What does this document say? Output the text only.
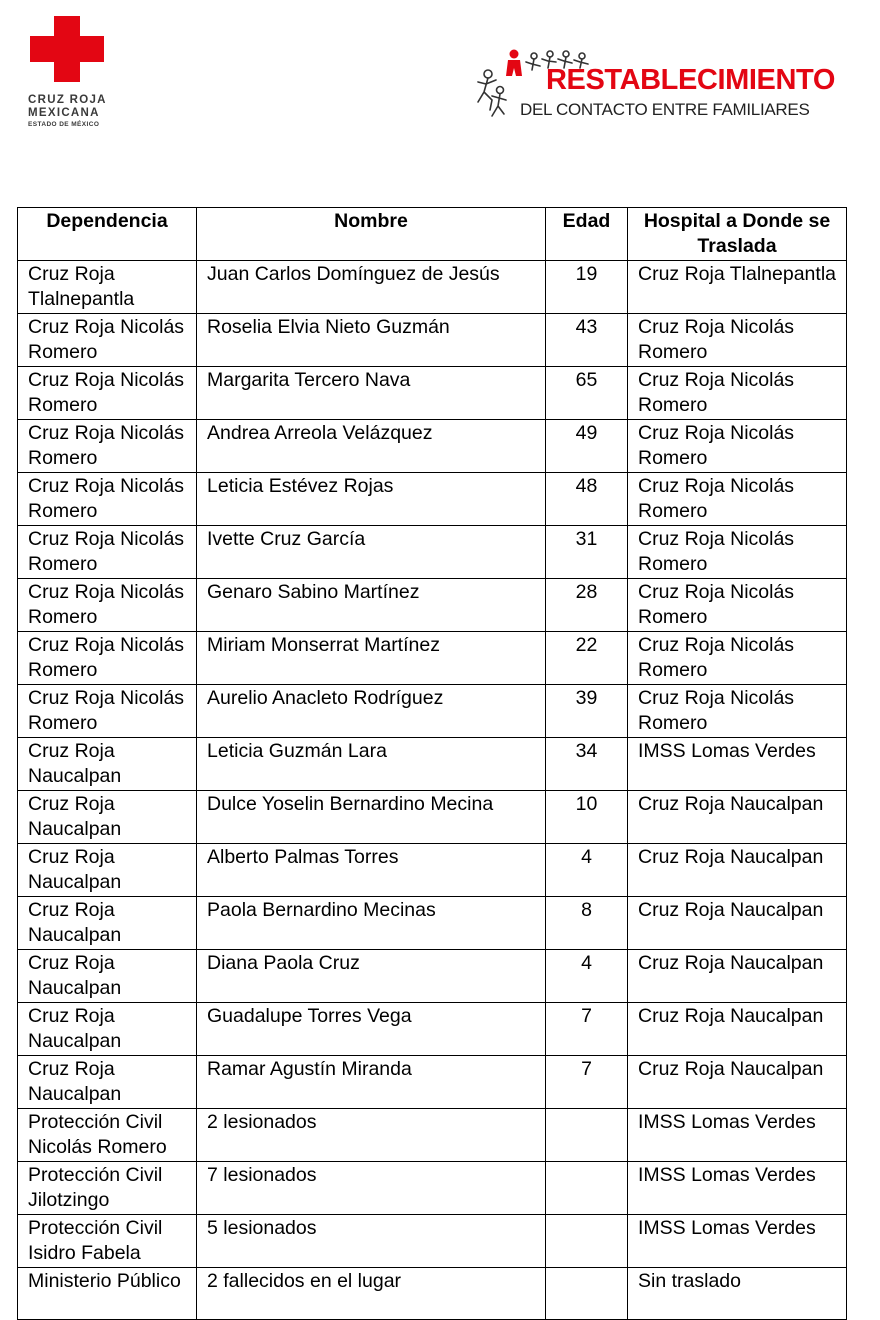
CRUZ ROJA
MEXICANA
ESTADO DE MÉXICO
RESTABLECIMIENTO
DEL CONTACTO ENTRE FAMILIARES
Dependencia	Nombre	Edad	Hospital a Donde se Traslada
Cruz Roja Tlalnepantla	Juan Carlos Domínguez de Jesús	19	Cruz Roja Tlalnepantla
Cruz Roja Nicolás Romero	Roselia Elvia Nieto Guzmán	43	Cruz Roja Nicolás Romero
Cruz Roja Nicolás Romero	Margarita Tercero Nava	65	Cruz Roja Nicolás Romero
Cruz Roja Nicolás Romero	Andrea Arreola Velázquez	49	Cruz Roja Nicolás Romero
Cruz Roja Nicolás Romero	Leticia Estévez Rojas	48	Cruz Roja Nicolás Romero
Cruz Roja Nicolás Romero	Ivette Cruz García	31	Cruz Roja Nicolás Romero
Cruz Roja Nicolás Romero	Genaro Sabino Martínez	28	Cruz Roja Nicolás Romero
Cruz Roja Nicolás Romero	Miriam Monserrat Martínez	22	Cruz Roja Nicolás Romero
Cruz Roja Nicolás Romero	Aurelio Anacleto Rodríguez	39	Cruz Roja Nicolás Romero
Cruz Roja Naucalpan	Leticia Guzmán Lara	34	IMSS Lomas Verdes
Cruz Roja Naucalpan	Dulce Yoselin Bernardino Mecina	10	Cruz Roja Naucalpan
Cruz Roja Naucalpan	Alberto Palmas Torres	4	Cruz Roja Naucalpan
Cruz Roja Naucalpan	Paola Bernardino Mecinas	8	Cruz Roja Naucalpan
Cruz Roja Naucalpan	Diana Paola Cruz	4	Cruz Roja Naucalpan
Cruz Roja Naucalpan	Guadalupe Torres Vega	7	Cruz Roja Naucalpan
Cruz Roja Naucalpan	Ramar Agustín Miranda	7	Cruz Roja Naucalpan
Protección Civil Nicolás Romero	2 lesionados		IMSS Lomas Verdes
Protección Civil Jilotzingo	7 lesionados		IMSS Lomas Verdes
Protección Civil Isidro Fabela	5 lesionados		IMSS Lomas Verdes
Ministerio Público	2 fallecidos en el lugar		Sin traslado
